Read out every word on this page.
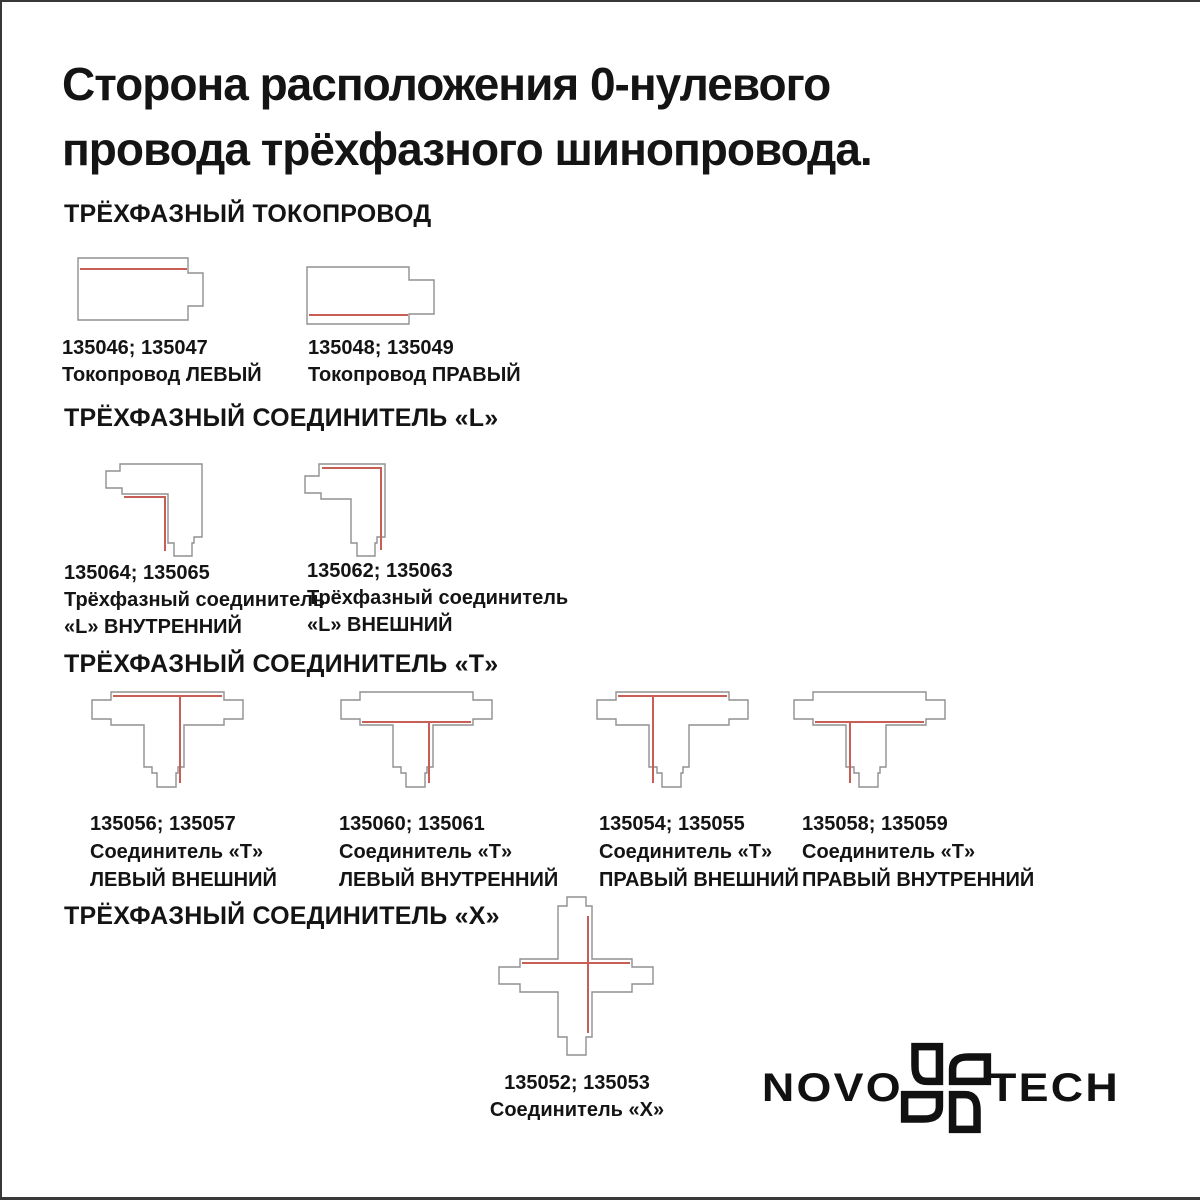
Сторона расположения 0-нулевого
провода трёхфазного шинопровода.
ТРЁХФАЗНЫЙ ТОКОПРОВОД
135046; 135047
Токопровод ЛЕВЫЙ
135048; 135049
Токопровод ПРАВЫЙ
ТРЁХФАЗНЫЙ СОЕДИНИТЕЛЬ «L»
135064; 135065
Трёхфазный соединитель
«L» ВНУТРЕННИЙ
135062; 135063
Трёхфазный соединитель
«L» ВНЕШНИЙ
ТРЁХФАЗНЫЙ СОЕДИНИТЕЛЬ «Т»
135056; 135057
Соединитель «Т»
ЛЕВЫЙ ВНЕШНИЙ
135060; 135061
Соединитель «Т»
ЛЕВЫЙ ВНУТРЕННИЙ
135054; 135055
Соединитель «Т»
ПРАВЫЙ ВНЕШНИЙ
135058; 135059
Соединитель «Т»
ПРАВЫЙ ВНУТРЕННИЙ
ТРЁХФАЗНЫЙ СОЕДИНИТЕЛЬ «Х»
135052; 135053
Соединитель «Х»
NOVO TECH
